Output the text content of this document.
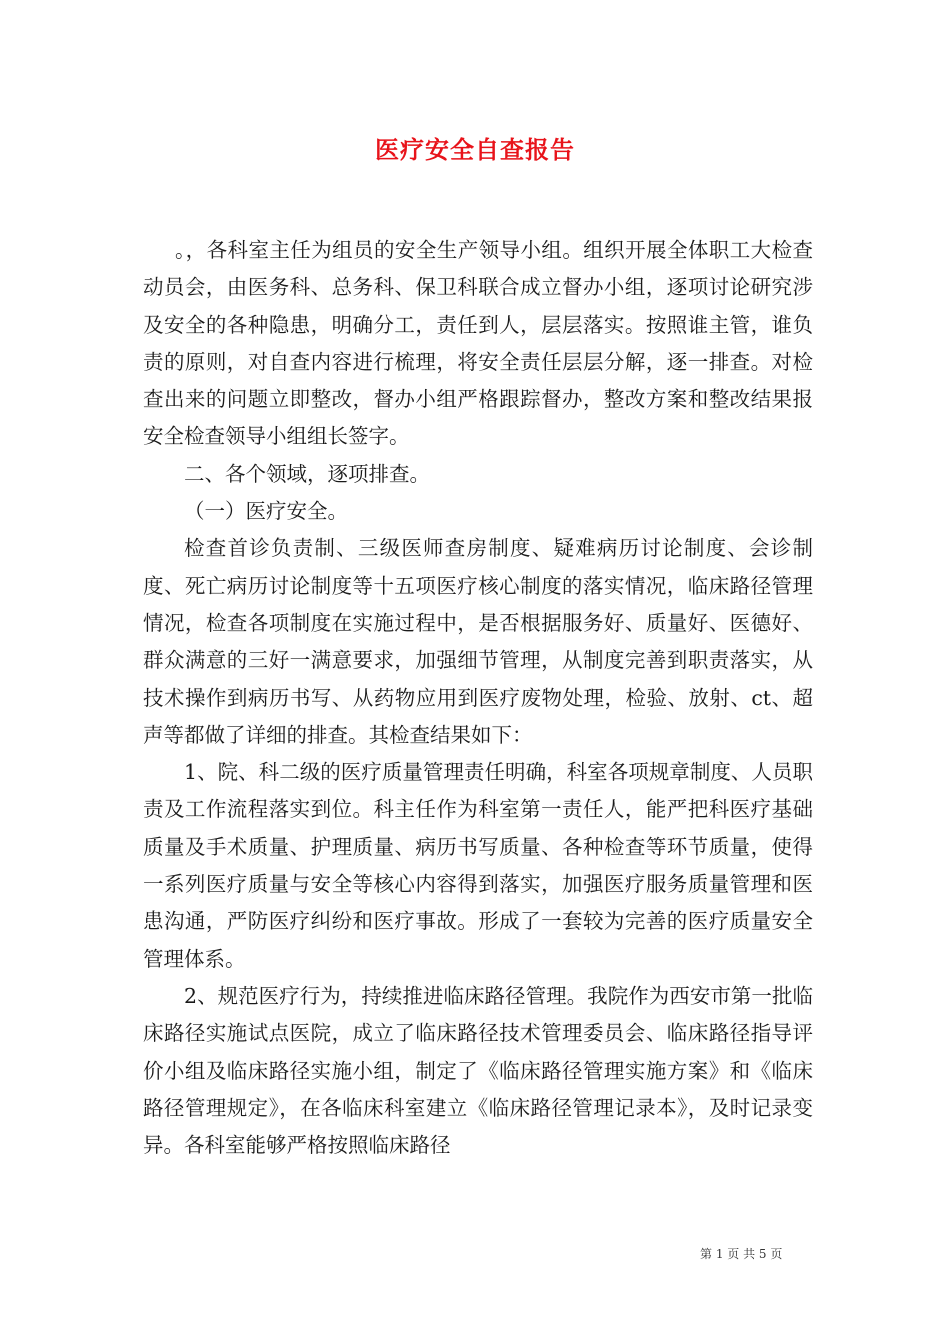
医疗安全自查报告

。，各科室主任为组员的安全生产领导小组。组织开展全体职工大检查动员会，由医务科、总务科、保卫科联合成立督办小组，逐项讨论研究涉及安全的各种隐患，明确分工，责任到人，层层落实。按照谁主管，谁负责的原则，对自查内容进行梳理，将安全责任层层分解，逐一排查。对检查出来的问题立即整改，督办小组严格跟踪督办，整改方案和整改结果报安全检查领导小组组长签字。

二、各个领域，逐项排查。

（一）医疗安全。

检查首诊负责制、三级医师查房制度、疑难病历讨论制度、会诊制度、死亡病历讨论制度等十五项医疗核心制度的落实情况，临床路径管理情况，检查各项制度在实施过程中，是否根据服务好、质量好、医德好、群众满意的三好一满意要求，加强细节管理，从制度完善到职责落实，从技术操作到病历书写、从药物应用到医疗废物处理，检验、放射、ct、超声等都做了详细的排查。其检查结果如下：

1、院、科二级的医疗质量管理责任明确，科室各项规章制度、人员职责及工作流程落实到位。科主任作为科室第一责任人，能严把科医疗基础质量及手术质量、护理质量、病历书写质量、各种检查等环节质量，使得一系列医疗质量与安全等核心内容得到落实，加强医疗服务质量管理和医患沟通，严防医疗纠纷和医疗事故。形成了一套较为完善的医疗质量安全管理体系。

2、规范医疗行为，持续推进临床路径管理。我院作为西安市第一批临床路径实施试点医院，成立了临床路径技术管理委员会、临床路径指导评价小组及临床路径实施小组，制定了《临床路径管理实施方案》和《临床路径管理规定》，在各临床科室建立《临床路径管理记录本》，及时记录变异。各科室能够严格按照临床路径

第 1 页 共 5 页
